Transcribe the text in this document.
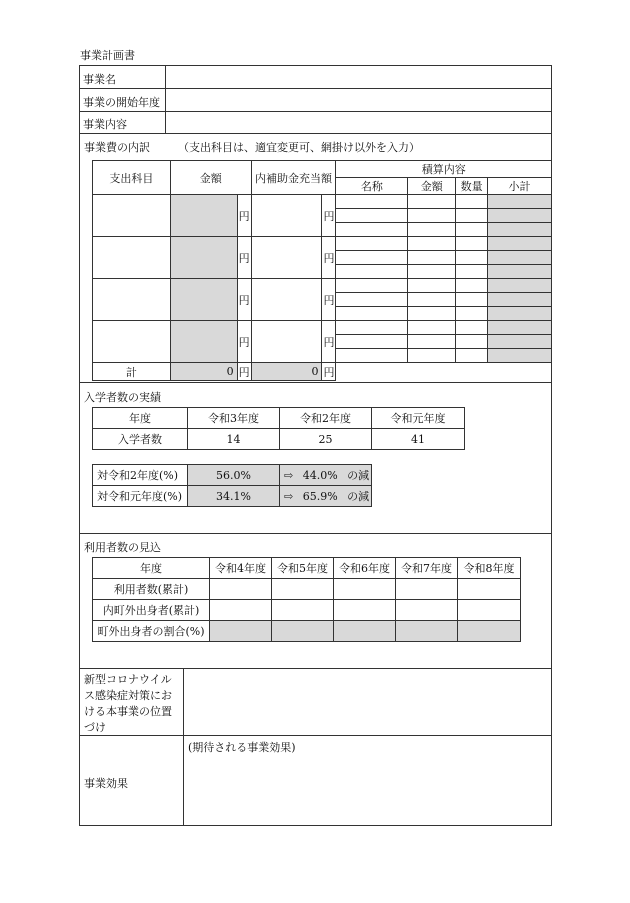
事業計画書
事業名
事業の開始年度
事業内容
事業費の内訳	（支出科目は、適宜変更可、網掛け以外を入力）
支出科目	金額		内補助金充当額		積算内容			
					名称	金額	数量	小計
		円		円				

		円		円				

		円		円				

		円		円				

計	0	円	0	円				
入学者数の実績
年度	令和3年度	令和2年度	令和元年度
入学者数	14	25	41
対令和2年度(%)	56.0%	⇨ 44.0% の減
対令和元年度(%)	34.1%	⇨ 65.9% の減
利用者数の見込
年度	令和4年度	令和5年度	令和6年度	令和7年度	令和8年度
利用者数(累計)					
内町外出身者(累計)					
町外出身者の割合(%)					
新型コロナウイルス感染症対策における本事業の位置づけ
事業効果
(期待される事業効果)
